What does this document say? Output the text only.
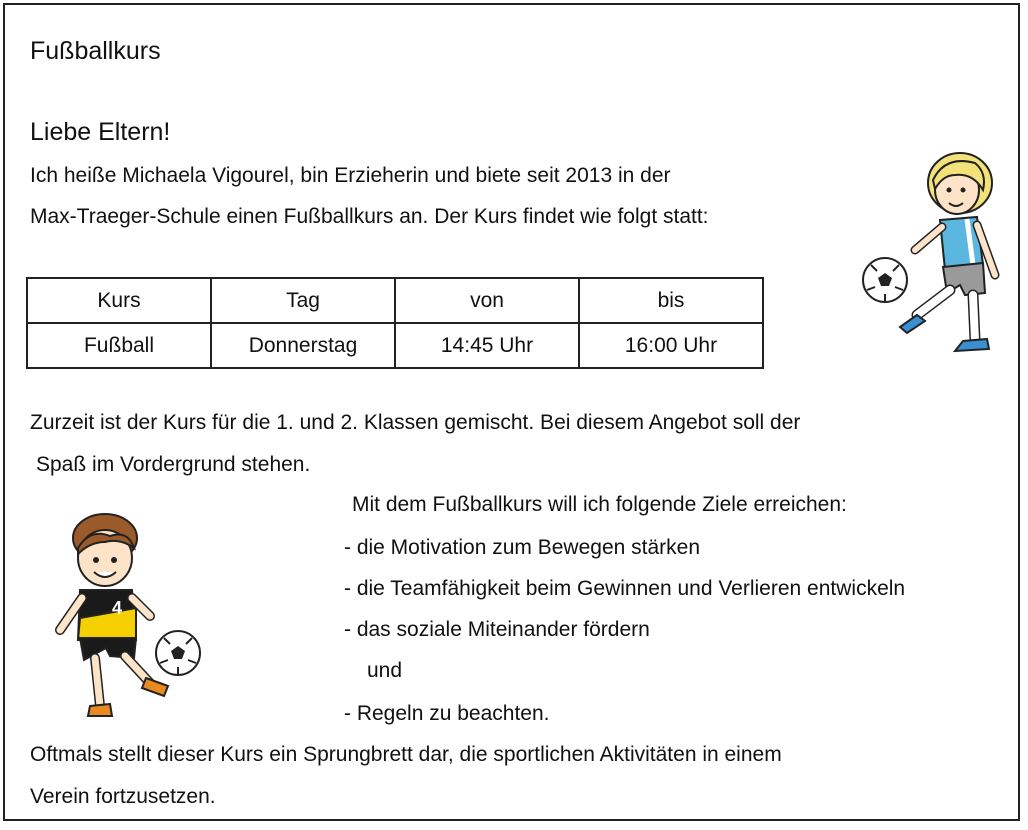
Fußballkurs
Liebe Eltern!
Ich heiße Michaela Vigourel, bin Erzieherin und biete seit 2013 in der
Max-Traeger-Schule einen Fußballkurs an. Der Kurs findet wie folgt statt:
Kurs	Tag	von	bis
Fußball	Donnerstag	14:45 Uhr	16:00 Uhr
Zurzeit ist der Kurs für die 1. und 2. Klassen gemischt. Bei diesem Angebot soll der
Spaß im Vordergrund stehen.
Mit dem Fußballkurs will ich folgende Ziele erreichen:
- die Motivation zum Bewegen stärken
- die Teamfähigkeit beim Gewinnen und Verlieren entwickeln
- das soziale Miteinander fördern
und
- Regeln zu beachten.
Oftmals stellt dieser Kurs ein Sprungbrett dar, die sportlichen Aktivitäten in einem
Verein fortzusetzen.
4
